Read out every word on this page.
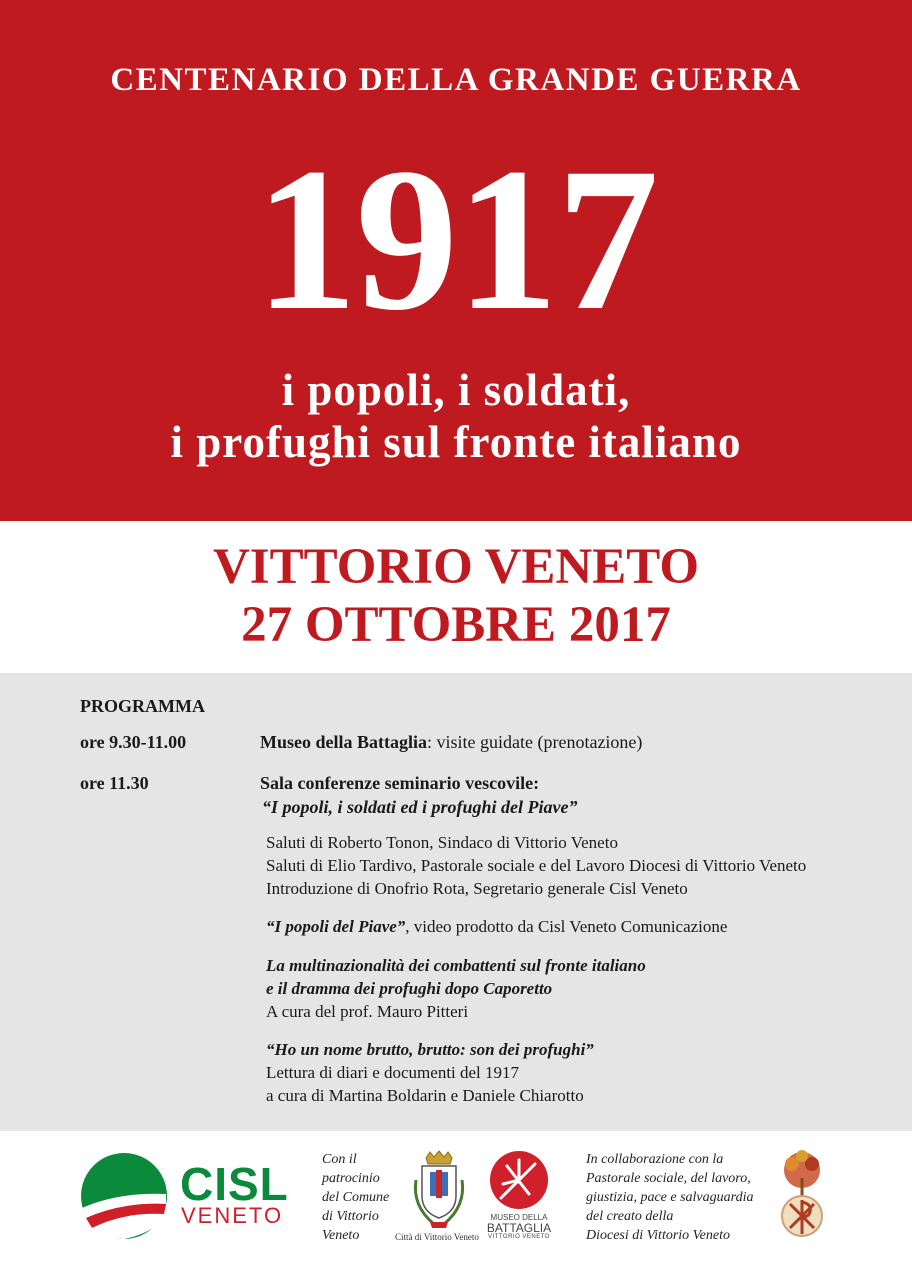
CENTENARIO DELLA GRANDE GUERRA
1917
i popoli, i soldati,
i profughi sul fronte italiano
VITTORIO VENETO
27 OTTOBRE 2017
PROGRAMMA
ore 9.30-11.00	Museo della Battaglia: visite guidate (prenotazione)
ore 11.30	Sala conferenze seminario vescovile:
“I popoli, i soldati ed i profughi del Piave”
Saluti di Roberto Tonon, Sindaco di Vittorio Veneto
Saluti di Elio Tardivo, Pastorale sociale e del Lavoro Diocesi di Vittorio Veneto
Introduzione di Onofrio Rota, Segretario generale Cisl Veneto
“I popoli del Piave”, video prodotto da Cisl Veneto Comunicazione
La multinazionalità dei combattenti sul fronte italiano
e il dramma dei profughi dopo Caporetto
A cura del prof. Mauro Pitteri
“Ho un nome brutto, brutto: son dei profughi”
Lettura di diari e documenti del 1917
a cura di Martina Boldarin e Daniele Chiarotto
CISL
VENETO
Con il
patrocinio
del Comune
di Vittorio
Veneto	Città di Vittorio Veneto
MUSEO DELLA
BATTAGLIA
VITTORIO VENETO
In collaborazione con la
Pastorale sociale, del lavoro,
giustizia, pace e salvaguardia
del creato della
Diocesi di Vittorio Veneto
